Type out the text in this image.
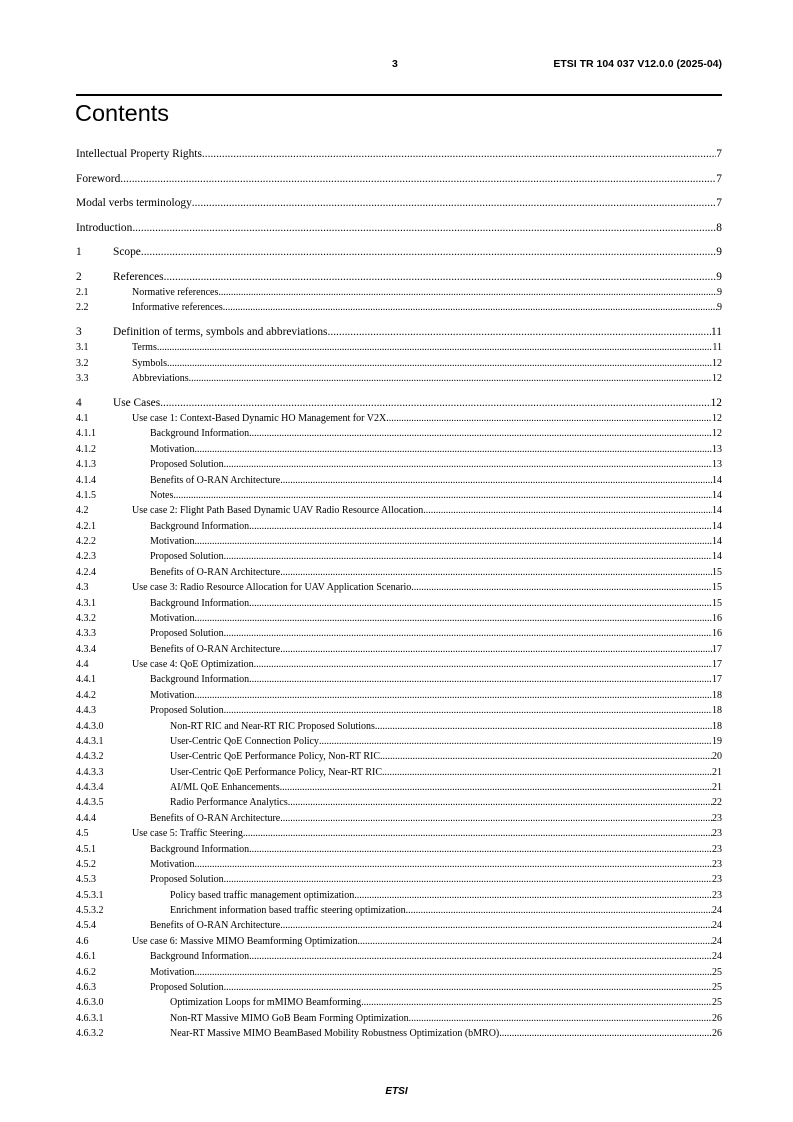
3	ETSI TR 104 037 V12.0.0 (2025-04)
Contents
Intellectual Property Rights .....	7
Foreword .....	7
Modal verbs terminology .....	7
Introduction .....	8
1	Scope .....	9
2	References .....	9
2.1	Normative references .....	9
2.2	Informative references .....	9
3	Definition of terms, symbols and abbreviations .....	11
3.1	Terms .....	11
3.2	Symbols .....	12
3.3	Abbreviations .....	12
4	Use Cases .....	12
4.1	Use case 1: Context-Based Dynamic HO Management for V2X .....	12
4.1.1	Background Information .....	12
4.1.2	Motivation .....	13
4.1.3	Proposed Solution .....	13
4.1.4	Benefits of O-RAN Architecture .....	14
4.1.5	Notes .....	14
4.2	Use case 2: Flight Path Based Dynamic UAV Radio Resource Allocation .....	14
4.2.1	Background Information .....	14
4.2.2	Motivation .....	14
4.2.3	Proposed Solution .....	14
4.2.4	Benefits of O-RAN Architecture .....	15
4.3	Use case 3: Radio Resource Allocation for UAV Application Scenario .....	15
4.3.1	Background Information .....	15
4.3.2	Motivation .....	16
4.3.3	Proposed Solution .....	16
4.3.4	Benefits of O-RAN Architecture .....	17
4.4	Use case 4: QoE Optimization .....	17
4.4.1	Background Information .....	17
4.4.2	Motivation .....	18
4.4.3	Proposed Solution .....	18
4.4.3.0	Non-RT RIC and Near-RT RIC Proposed Solutions .....	18
4.4.3.1	User-Centric QoE Connection Policy .....	19
4.4.3.2	User-Centric QoE Performance Policy, Non-RT RIC .....	20
4.4.3.3	User-Centric QoE Performance Policy, Near-RT RIC .....	21
4.4.3.4	AI/ML QoE Enhancements .....	21
4.4.3.5	Radio Performance Analytics .....	22
4.4.4	Benefits of O-RAN Architecture .....	23
4.5	Use case 5: Traffic Steering .....	23
4.5.1	Background Information .....	23
4.5.2	Motivation .....	23
4.5.3	Proposed Solution .....	23
4.5.3.1	Policy based traffic management optimization .....	23
4.5.3.2	Enrichment information based traffic steering optimization .....	24
4.5.4	Benefits of O-RAN Architecture .....	24
4.6	Use case 6: Massive MIMO Beamforming Optimization .....	24
4.6.1	Background Information .....	24
4.6.2	Motivation .....	25
4.6.3	Proposed Solution .....	25
4.6.3.0	Optimization Loops for mMIMO Beamforming .....	25
4.6.3.1	Non-RT Massive MIMO GoB Beam Forming Optimization .....	26
4.6.3.2	Near-RT Massive MIMO BeamBased Mobility Robustness Optimization (bMRO) .....	26
ETSI
